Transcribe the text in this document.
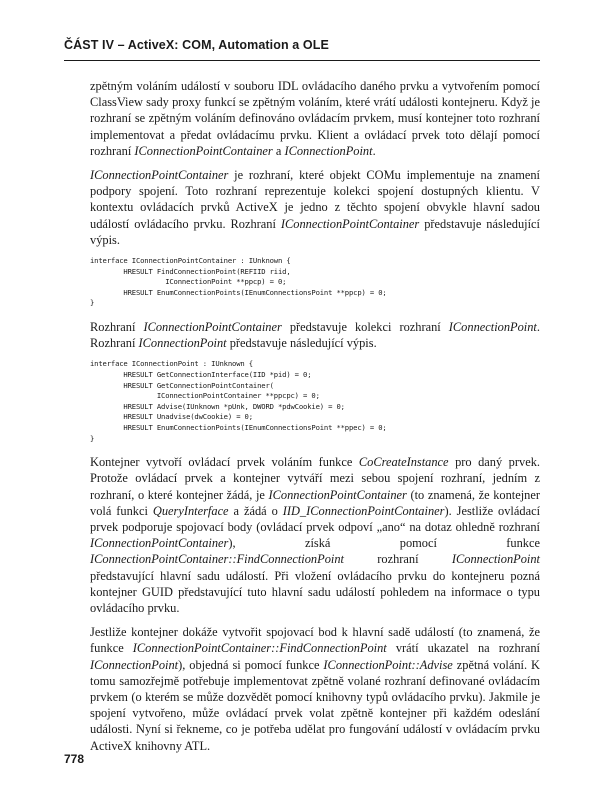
ČÁST IV – ActiveX: COM, Automation a OLE

zpětným voláním událostí v souboru IDL ovládacího daného prvku a vytvořením pomocí ClassView sady proxy funkcí se zpětným voláním, které vrátí události kontejneru. Když je rozhraní se zpětným voláním definováno ovládacím prvkem, musí kontejner toto rozhraní implementovat a předat ovládacímu prvku. Klient a ovládací prvek toto dělají pomocí rozhraní IConnectionPointContainer a IConnectionPoint.

IConnectionPointContainer je rozhraní, které objekt COMu implementuje na znamení podpory spojení. Toto rozhraní reprezentuje kolekci spojení dostupných klientu. V kontextu ovládacích prvků ActiveX je jedno z těchto spojení obvykle hlavní sadou událostí ovládacího prvku. Rozhraní IConnectionPointContainer představuje následující výpis.

interface IConnectionPointContainer : IUnknown {
HRESULT FindConnectionPoint(REFIID riid,
IConnectionPoint **ppcp) = 0;
HRESULT EnumConnectionPoints(IEnumConnectionsPoint **ppcp) = 0;
}

Rozhraní IConnectionPointContainer představuje kolekci rozhraní IConnectionPoint. Rozhraní IConnectionPoint představuje následující výpis.

interface IConnectionPoint : IUnknown {
HRESULT GetConnectionInterface(IID *pid) = 0;
HRESULT GetConnectionPointContainer(
IConnectionPointContainer **ppcpc) = 0;
HRESULT Advise(IUnknown *pUnk, DWORD *pdwCookie) = 0;
HRESULT Unadvise(dwCookie) = 0;
HRESULT EnumConnectionPoints(IEnumConnectionsPoint **ppec) = 0;
}

Kontejner vytvoří ovládací prvek voláním funkce CoCreateInstance pro daný prvek. Protože ovládací prvek a kontejner vytváří mezi sebou spojení rozhraní, jedním z rozhraní, o které kontejner žádá, je IConnectionPointContainer (to znamená, že kontejner volá funkci QueryInterface a žádá o IID_IConnectionPointContainer). Jestliže ovládací prvek podporuje spojovací body (ovládací prvek odpoví „ano“ na dotaz ohledně rozhraní IConnectionPointContainer), získá pomocí funkce IConnectionPointContainer::FindConnectionPoint rozhraní IConnectionPoint představující hlavní sadu událostí. Při vložení ovládacího prvku do kontejneru pozná kontejner GUID představující tuto hlavní sadu událostí pohledem na informace o typu ovládacího prvku.

Jestliže kontejner dokáže vytvořit spojovací bod k hlavní sadě událostí (to znamená, že funkce IConnectionPointContainer::FindConnectionPoint vrátí ukazatel na rozhraní IConnectionPoint), objedná si pomocí funkce IConnectionPoint::Advise zpětná volání. K tomu samozřejmě potřebuje implementovat zpětně volané rozhraní definované ovládacím prvkem (o kterém se může dozvědět pomocí knihovny typů ovládacího prvku). Jakmile je spojení vytvořeno, může ovládací prvek volat zpětně kontejner při každém odeslání události. Nyní si řekneme, co je potřeba udělat pro fungování událostí v ovládacím prvku ActiveX knihovny ATL.

778
